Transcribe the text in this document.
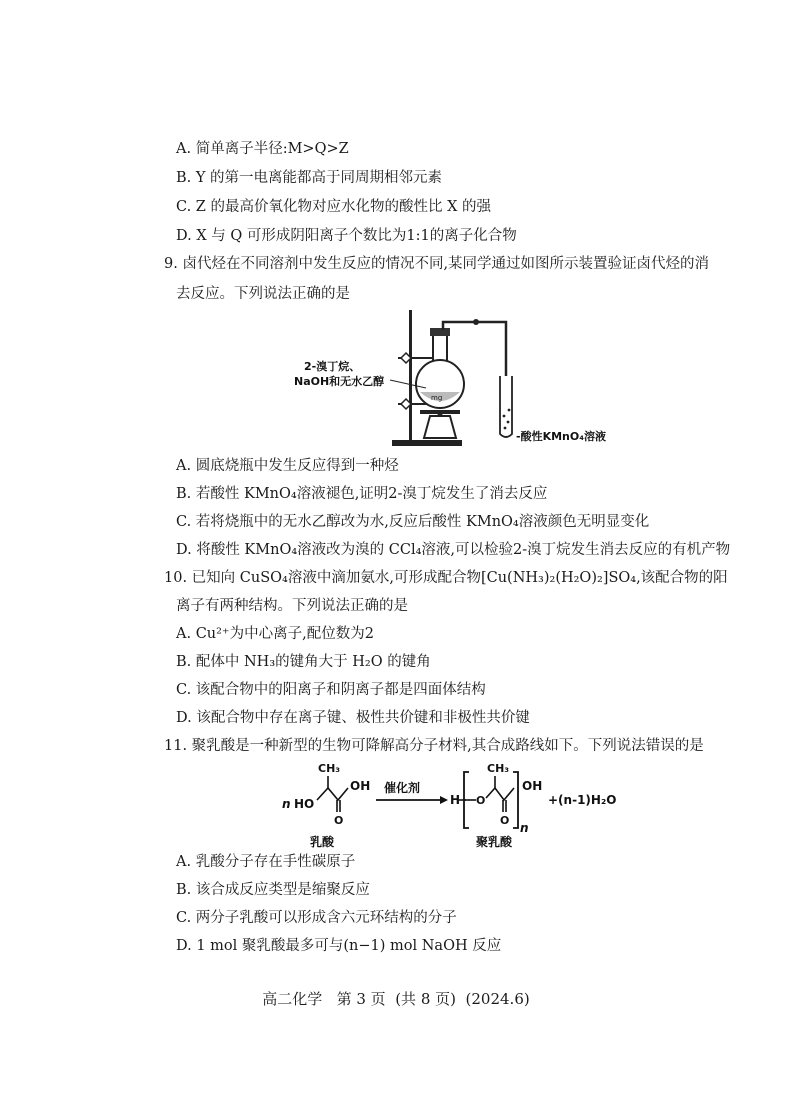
A. 简单离子半径:M>Q>Z
B. Y 的第一电离能都高于同周期相邻元素
C. Z 的最高价氧化物对应水化物的酸性比 X 的强
D. X 与 Q 可形成阴阳离子个数比为1:1的离子化合物
9. 卤代烃在不同溶剂中发生反应的情况不同,某同学通过如图所示装置验证卤代烃的消
去反应。下列说法正确的是
mg
2-溴丁烷、
NaOH和无水乙醇
-酸性KMnO₄溶液
A. 圆底烧瓶中发生反应得到一种烃
B. 若酸性 KMnO₄溶液褪色,证明2-溴丁烷发生了消去反应
C. 若将烧瓶中的无水乙醇改为水,反应后酸性 KMnO₄溶液颜色无明显变化
D. 将酸性 KMnO₄溶液改为溴的 CCl₄溶液,可以检验2-溴丁烷发生消去反应的有机产物
10. 已知向 CuSO₄溶液中滴加氨水,可形成配合物[Cu(NH₃)₂(H₂O)₂]SO₄,该配合物的阳
离子有两种结构。下列说法正确的是
A. Cu²⁺为中心离子,配位数为2
B. 配体中 NH₃的键角大于 H₂O 的键角
C. 该配合物中的阳离子和阴离子都是四面体结构
D. 该配合物中存在离子键、极性共价键和非极性共价键
11. 聚乳酸是一种新型的生物可降解高分子材料,其合成路线如下。下列说法错误的是
n HO
CH₃
O
OH 催化剂
H O
CH₃
O
n
OH
+(n-1)H₂O
乳酸	聚乳酸
A. 乳酸分子存在手性碳原子
B. 该合成反应类型是缩聚反应
C. 两分子乳酸可以形成含六元环结构的分子
D. 1 mol 聚乳酸最多可与(n−1) mol NaOH 反应
高二化学   第 3 页  (共 8 页)  (2024.6)
